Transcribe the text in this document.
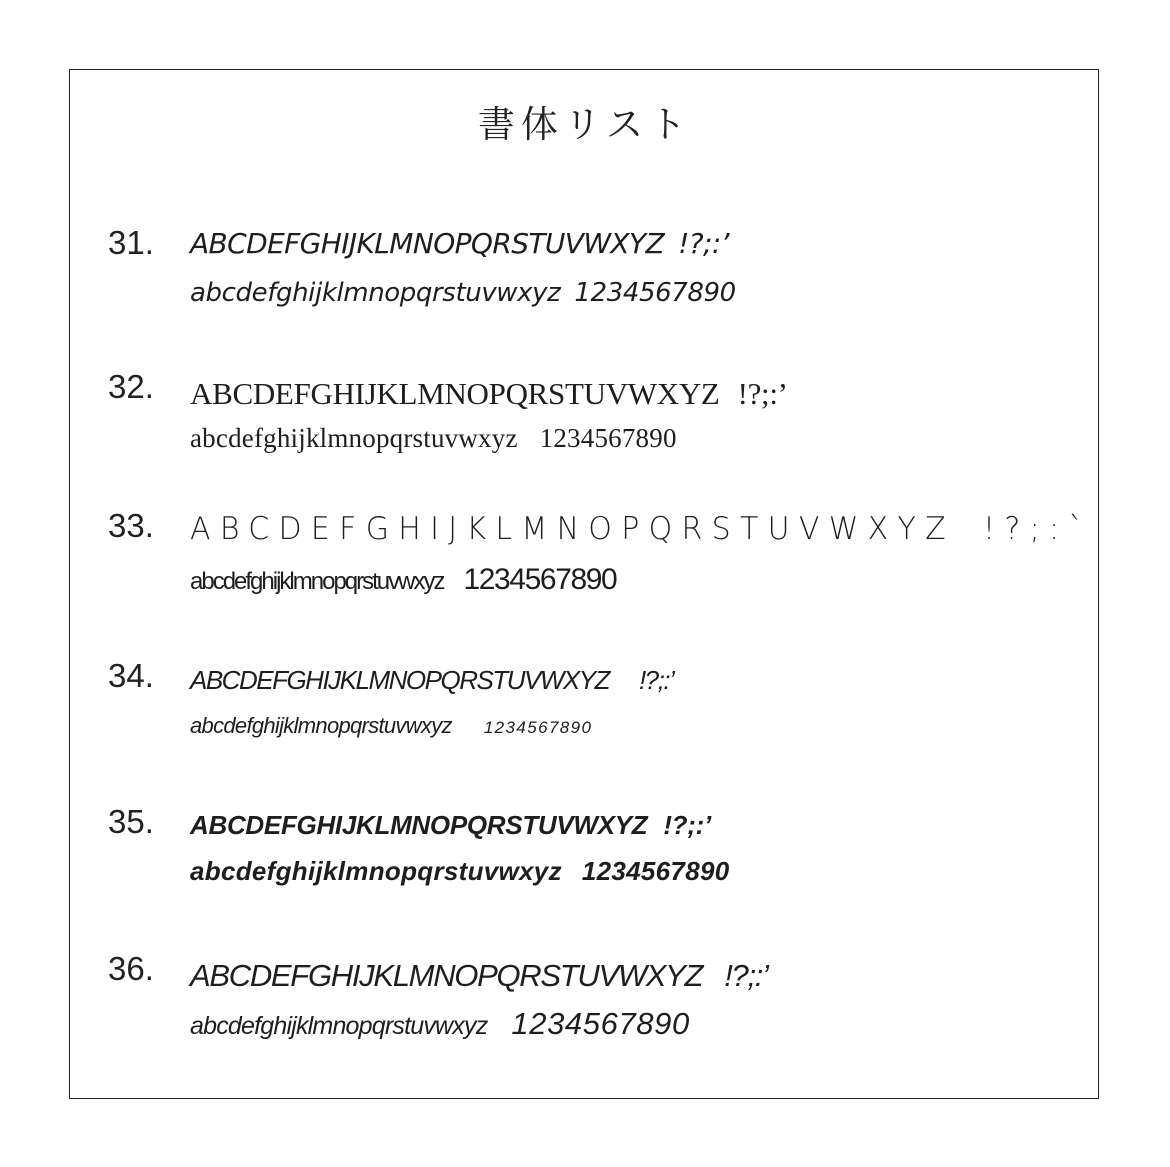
書体リスト
31. ABCDEFGHIJKLMNOPQRSTUVWXYZ !?;:’
abcdefghijklmnopqrstuvwxyz 1234567890
32. ABCDEFGHIJKLMNOPQRSTUVWXYZ !?;:’
abcdefghijklmnopqrstuvwxyz 1234567890
33. ABCDEFGHIJKLMNOPQRSTUVWXYZ !?;:`
abcdefghijklmnopqrstuvwxyz 1234567890
34. ABCDEFGHIJKLMNOPQRSTUVWXYZ !?;:’
abcdefghijklmnopqrstuvwxyz 1234567890
35. ABCDEFGHIJKLMNOPQRSTUVWXYZ !?;:’
abcdefghijklmnopqrstuvwxyz 1234567890
36. ABCDEFGHIJKLMNOPQRSTUVWXYZ !?;:’
abcdefghijklmnopqrstuvwxyz 1234567890
